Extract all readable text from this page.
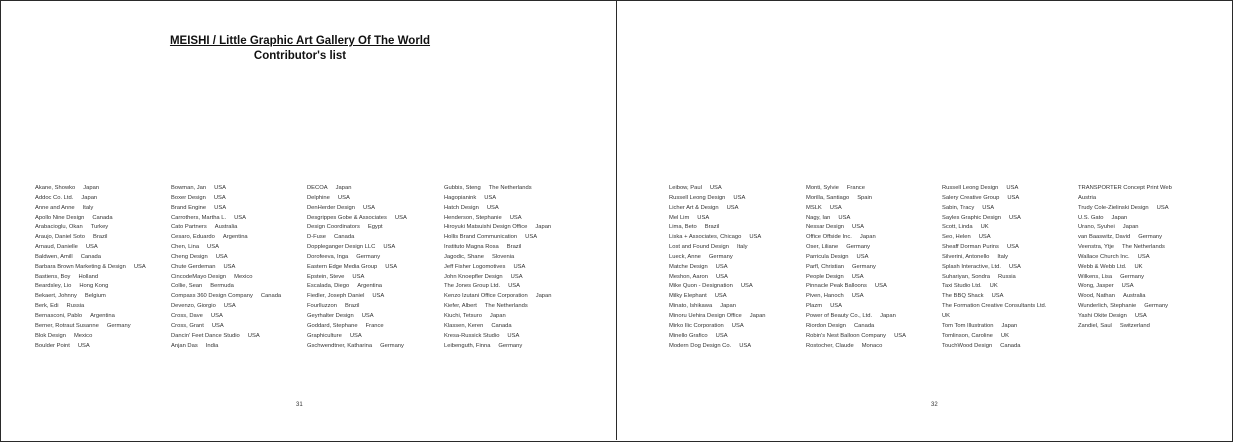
MEISHI / Little Graphic Art Gallery Of The World
Contributor's list
Akane, Showko Japan
Addoc Co. Ltd. Japan
Anne and Anne Italy
Apollo Nine Design Canada
Arabacioglu, Okan Turkey
Araujo, Daniel Soto Brazil
Arnaud, Danielle USA
Baldwen, Amill Canada
Barbara Brown Marketing & Design USA
Bastiens, Boy Holland
Beardsley, Lio Hong Kong
Bekaert, Johnny Belgium
Berk, Edi Russia
Bernasconi, Pablo Argentina
Berner, Rotraut Susanne Germany
Blok Design Mexico
Boulder Point USA
Bowman, Jan USA
Boxer Design USA
Brand Engine USA
Carrothers, Martha L. USA
Cato Partners Australia
Cesaro, Eduardo Argentina
Chen, Lina USA
Cheng Design USA
Chute Gerdeman USA
CincodeMayo Design Mexico
Collie, Sean Bermuda
Compass 360 Design Company Canada
Devenzo, Giorgio USA
Cross, Dave USA
Cross, Grant USA
Dancin' Feet Dance Studio USA
Anjan Das India
DECOA Japan
Delphine USA
DenHerder Design USA
Desgrippes Gobe & Associates USA
Design Coordinators Egypt
D-Fuse Canada
Doppleganger Design LLC USA
Dorofeeva, Inga Germany
Eastern Edge Media Group USA
Epstein, Steve USA
Escalada, Diego Argentina
Fiedler, Joseph Daniel USA
Fourlluzzon Brazil
Geyrhalter Design USA
Goddard, Stephane France
Graphiculture USA
Gschwendtner, Katharina Germany
Gubbis, Steng The Netherlands
Hagopianink USA
Hatch Design USA
Henderson, Stephanie USA
Hiroyuki Matsuishi Design Office Japan
Hollis Brand Communication USA
Instituto Magna Rosa Brazil
Jagodic, Shane Slovenia
Jeff Fisher Logomotives USA
John Knoepfler Design USA
The Jones Group Ltd. USA
Kenzo Izutani Office Corporation Japan
Kiefer, Albert The Netherlands
Kiuchi, Tetsuro Japan
Klassen, Keren Canada
Kresa-Russick Studio USA
Leibenguth, Finna Germany
31
Leibow, Paul USA
Russell Leong Design USA
Licher Art & Design USA
Mel Lim USA
Lima, Beto Brazil
Liska + Associates, Chicago USA
Lost and Found Design Italy
Lueck, Anne Germany
Matche Design USA
Meshon, Aaron USA
Mike Quon - Designation USA
Milky Elephant USA
Minato, Ishikawa Japan
Minoru Uehira Design Office Japan
Mirko Ilic Corporation USA
Minello Grafico USA
Modern Dog Design Co. USA
Monti, Sylvie France
Morilla, Santiago Spain
MSLK USA
Nagy, Ian USA
Nessar Design USA
Office Offside Inc. Japan
Oser, Liliane Germany
Parricula Design USA
Parfl, Christian Germany
People Design USA
Pinnacle Peak Balloons USA
Piven, Hanoch USA
Plazm USA
Power of Beauty Co., Ltd. Japan
Riordon Design Canada
Robin's Nest Balloon Company USA
Rostocher, Claude Monaco
Russell Leong Design USA
Salery Creative Group USA
Sabin, Tracy USA
Sayles Graphic Design USA
Scott, Linda UK
Seo, Helen USA
Sheaff Dorman Purins USA
Silverini, Antonello Italy
Splash Interactive, Ltd. USA
Suhariyan, Sondra Russia
Taxi Studio Ltd. UK
The BBQ Shack USA
The Formation Creative Consultants Ltd.
UK
Tom Tom Illustration Japan
Tomlinson, Caroline UK
TouchWood Design Canada
TRANSPORTER Concept Print Web
Austria
Trudy Cole-Zielinski Design USA
U.S. Gato Japan
Urano, Syuhei Japan
van Baaswitz, David Germany
Veenstra, Ytje The Netherlands
Wallace Church Inc. USA
Webb & Webb Ltd. UK
Wilkens, Lisa Germany
Wong, Jasper USA
Wood, Nathan Australia
Wunderlich, Stephanie Germany
Yashi Okite Design USA
Zandiel, Saul Switzerland
32
